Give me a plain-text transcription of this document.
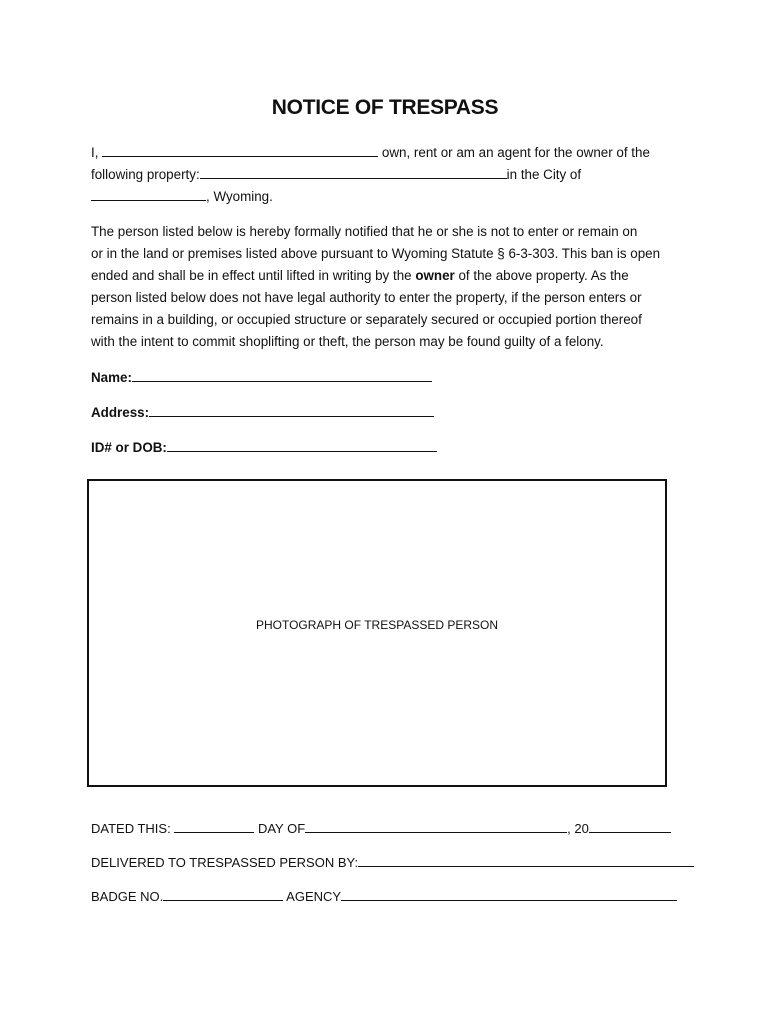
NOTICE OF TRESPASS
I,	own, rent or am an agent for the owner of the
following property:	in the City of
, Wyoming.
The person listed below is hereby formally notified that he or she is not to enter or remain on
or in the land or premises listed above pursuant to Wyoming Statute § 6-3-303. This ban is open
ended and shall be in effect until lifted in writing by the owner of the above property. As the
person listed below does not have legal authority to enter the property, if the person enters or
remains in a building, or occupied structure or separately secured or occupied portion thereof
with the intent to commit shoplifting or theft, the person may be found guilty of a felony.
Name:
Address:
ID# or DOB:
PHOTOGRAPH OF TRESPASSED PERSON
DATED THIS:	DAY OF	, 20
DELIVERED TO TRESPASSED PERSON BY:
BADGE NO.	AGENCY
